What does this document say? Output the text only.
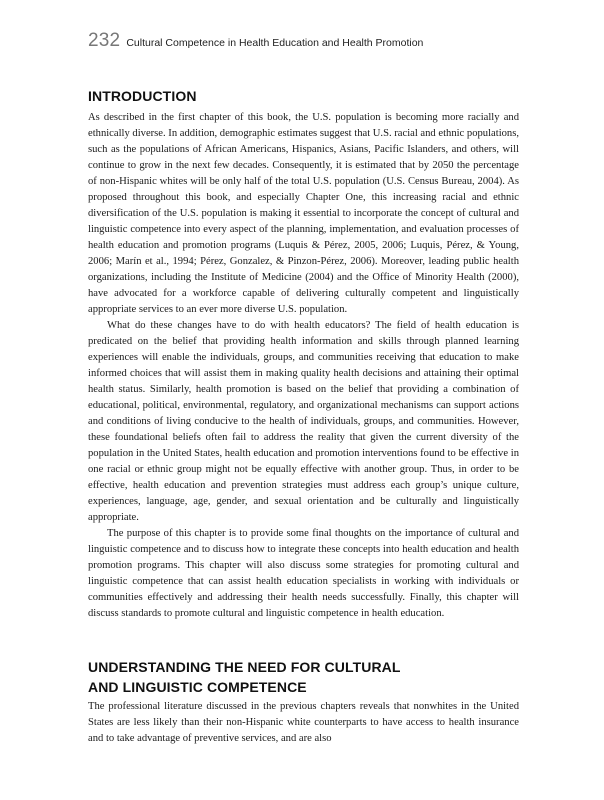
232 Cultural Competence in Health Education and Health Promotion
INTRODUCTION

As described in the first chapter of this book, the U.S. population is becoming more racially and ethnically diverse. In addition, demographic estimates suggest that U.S. racial and ethnic populations, such as the populations of African Americans, Hispanics, Asians, Pacific Islanders, and others, will continue to grow in the next few decades. Consequently, it is estimated that by 2050 the percentage of non-Hispanic whites will be only half of the total U.S. population (U.S. Census Bureau, 2004). As proposed throughout this book, and especially Chapter One, this increasing racial and ethnic diversification of the U.S. population is making it essential to incorporate the concept of cultural and linguistic competence into every aspect of the planning, implementation, and evaluation processes of health education and promotion programs (Luquis & Pérez, 2005, 2006; Luquis, Pérez, & Young, 2006; Marín et al., 1994; Pérez, Gonzalez, & Pinzon-Pérez, 2006). Moreover, leading public health organizations, including the Institute of Medicine (2004) and the Office of Minority Health (2000), have advocated for a workforce capable of delivering culturally competent and linguistically appropriate services to an ever more diverse U.S. population.

What do these changes have to do with health educators? The field of health education is predicated on the belief that providing health information and skills through planned learning experiences will enable the individuals, groups, and communities receiving that education to make informed choices that will assist them in making quality health decisions and attaining their optimal health status. Similarly, health promotion is based on the belief that providing a combination of educational, political, environmental, regulatory, and organizational mechanisms can support actions and conditions of living conducive to the health of individuals, groups, and communities. However, these foundational beliefs often fail to address the reality that given the current diversity of the population in the United States, health education and promotion interventions found to be effective in one racial or ethnic group might not be equally effective with another group. Thus, in order to be effective, health education and prevention strategies must address each group’s unique culture, experiences, language, age, gender, and sexual orientation and be culturally and linguistically appropriate.

The purpose of this chapter is to provide some final thoughts on the importance of cultural and linguistic competence and to discuss how to integrate these concepts into health education and health promotion programs. This chapter will also discuss some strategies for promoting cultural and linguistic competence that can assist health education specialists in working with individuals or communities effectively and addressing their health needs successfully. Finally, this chapter will discuss standards to promote cultural and linguistic competence in health education.

UNDERSTANDING THE NEED FOR CULTURAL
AND LINGUISTIC COMPETENCE

The professional literature discussed in the previous chapters reveals that nonwhites in the United States are less likely than their non-Hispanic white counterparts to have access to health insurance and to take advantage of preventive services, and are also
